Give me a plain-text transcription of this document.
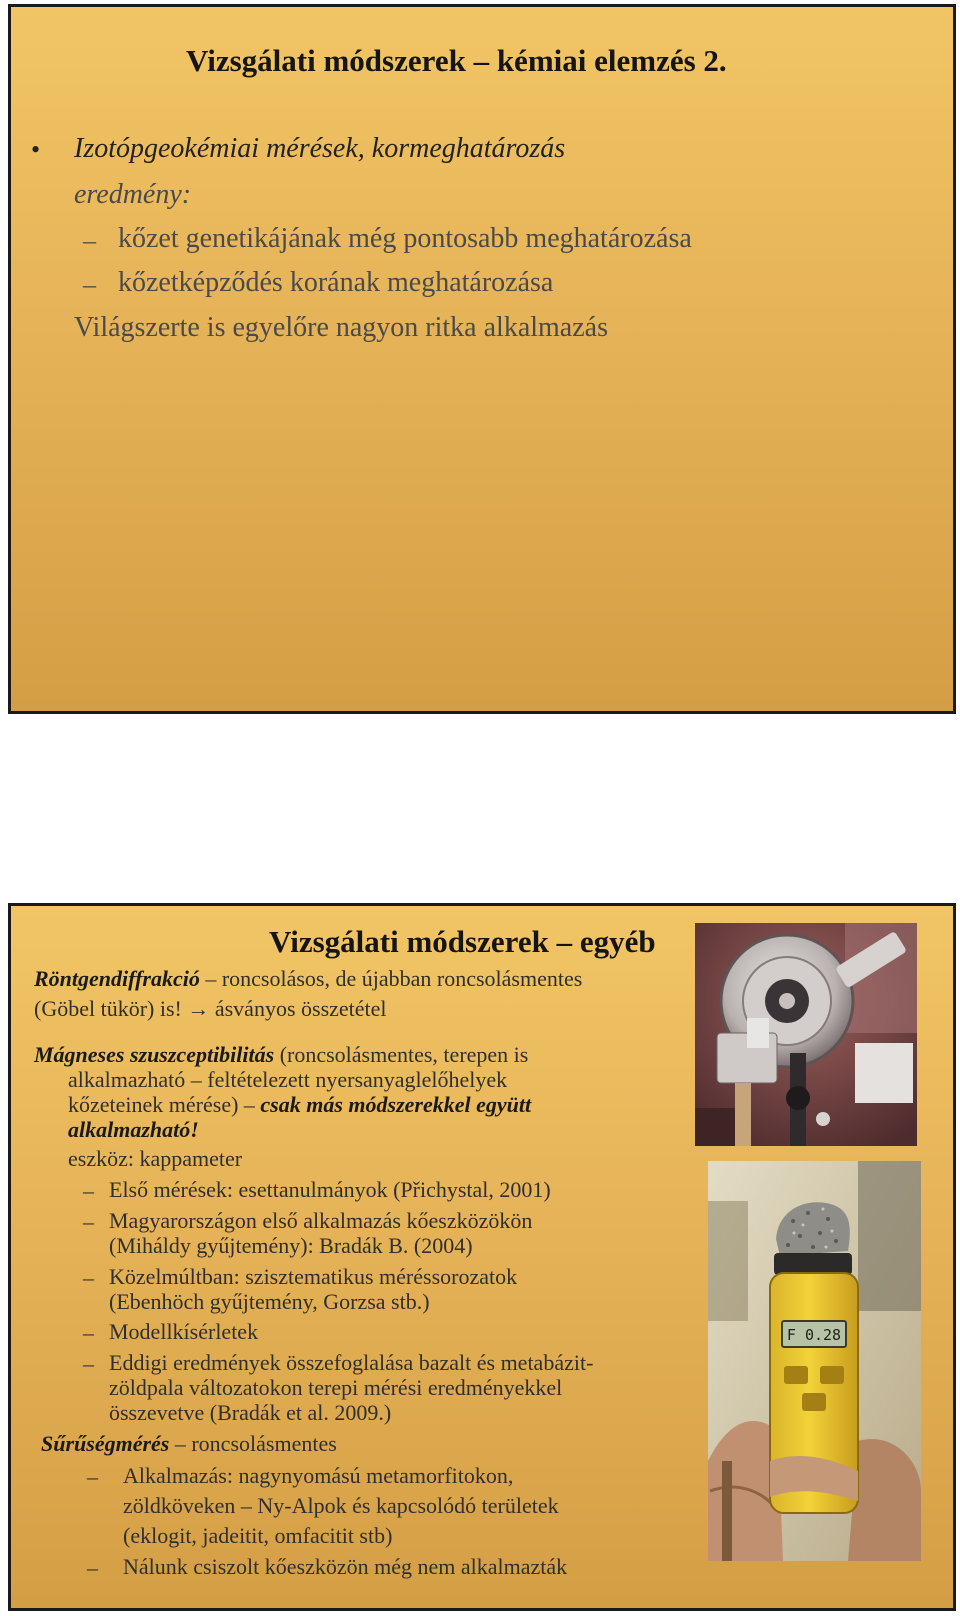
Vizsgálati módszerek – kémiai elemzés 2.
• Izotópgeokémiai mérések, kormeghatározás
eredmény:
– kőzet genetikájának még pontosabb meghatározása
– kőzetképződés korának meghatározása
Világszerte is egyelőre nagyon ritka alkalmazás
Vizsgálati módszerek – egyéb
Röntgendiffrakció – roncsolásos, de újabban roncsolásmentes
(Göbel tükör) is! → ásványos összetétel
Mágneses szuszceptibilitás (roncsolásmentes, terepen is
alkalmazható – feltételezett nyersanyaglelőhelyek
kőzeteinek mérése) – csak más módszerekkel együtt
alkalmazható!
eszköz: kappameter
– Első mérések: esettanulmányok (Přichystal, 2001)
– Magyarországon első alkalmazás kőeszközökön
(Miháldy gyűjtemény): Bradák B. (2004)
– Közelmúltban: szisztematikus méréssorozatok
(Ebenhöch gyűjtemény, Gorzsa stb.)
– Modellkísérletek
– Eddigi eredmények összefoglalása bazalt és metabázit-
zöldpala változatokon terepi mérési eredményekkel
összevetve (Bradák et al. 2009.)
Sűrűségmérés – roncsolásmentes
– Alkalmazás: nagynyomású metamorfitokon,
zöldköveken – Ny-Alpok és kapcsolódó területek
(eklogit, jadeitit, omfacitit stb)
– Nálunk csiszolt kőeszközön még nem alkalmazták
F 0.28
